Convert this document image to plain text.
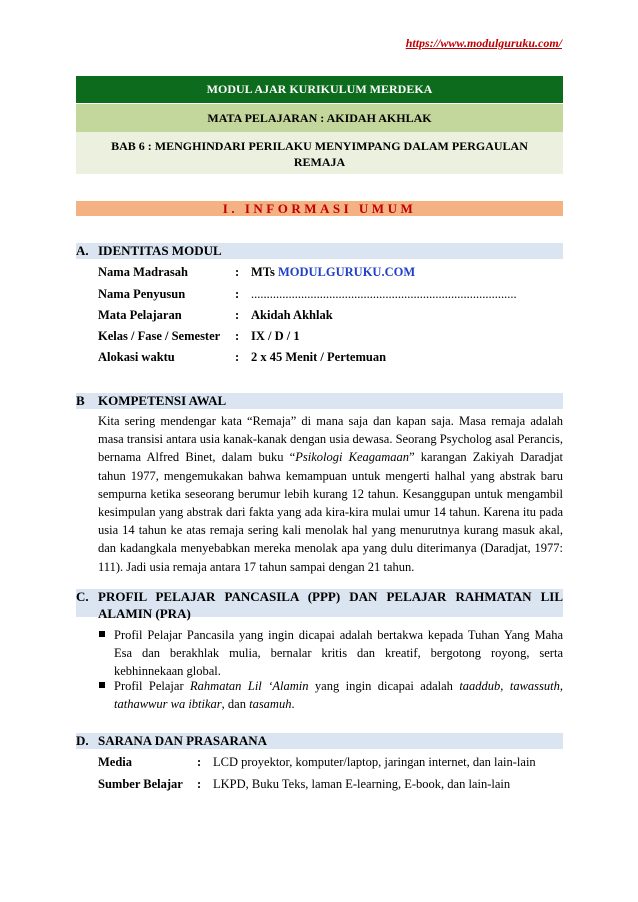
https://www.modulguruku.com/
MODUL AJAR KURIKULUM MERDEKA
MATA PELAJARAN : AKIDAH AKHLAK
BAB 6 : MENGHINDARI PERILAKU MENYIMPANG DALAM PERGAULAN REMAJA
I. INFORMASI UMUM
A. IDENTITAS MODUL
Nama Madrasah	: MTs MODULGURUKU.COM
Nama Penyusun	: .....................................................................................
Mata Pelajaran	: Akidah Akhlak
Kelas / Fase / Semester : IX / D / 1
Alokasi waktu	: 2 x 45 Menit / Pertemuan
B KOMPETENSI AWAL
Kita sering mendengar kata “Remaja” di mana saja dan kapan saja. Masa remaja adalah masa transisi antara usia kanak-kanak dengan usia dewasa. Seorang Psycholog asal Perancis, bernama Alfred Binet, dalam buku “Psikologi Keagamaan” karangan Zakiyah Daradjat tahun 1977, mengemukakan bahwa kemampuan untuk mengerti halhal yang abstrak baru sempurna ketika seseorang berumur lebih kurang 12 tahun. Kesanggupan untuk mengambil kesimpulan yang abstrak dari fakta yang ada kira-kira mulai umur 14 tahun. Karena itu pada usia 14 tahun ke atas remaja sering kali menolak hal yang menurutnya kurang masuk akal, dan kadangkala menyebabkan mereka menolak apa yang dulu diterimanya (Daradjat, 1977: 111). Jadi usia remaja antara 17 tahun sampai dengan 21 tahun.
C. PROFIL PELAJAR PANCASILA (PPP) DAN PELAJAR RAHMATAN LIL ALAMIN (PRA)
Profil Pelajar Pancasila yang ingin dicapai adalah bertakwa kepada Tuhan Yang Maha Esa dan berakhlak mulia, bernalar kritis dan kreatif, bergotong royong, serta kebhinnekaan global.
Profil Pelajar Rahmatan Lil ‘Alamin yang ingin dicapai adalah taaddub, tawassuth, tathawwur wa ibtikar, dan tasamuh.
D. SARANA DAN PRASARANA
Media	: LCD proyektor, komputer/laptop, jaringan internet, dan lain-lain
Sumber Belajar : LKPD, Buku Teks, laman E-learning, E-book, dan lain-lain
